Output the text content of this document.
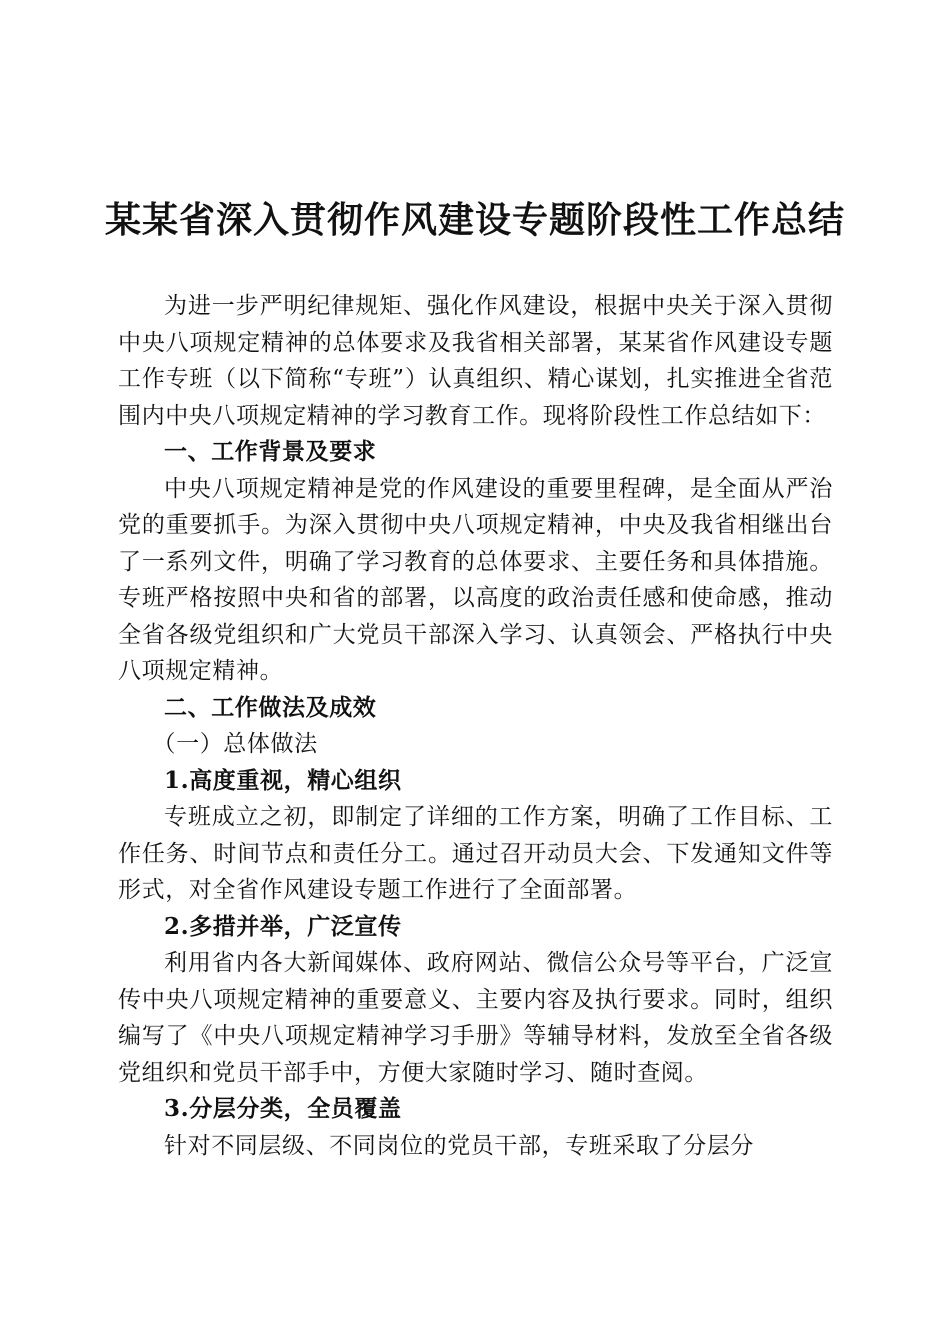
某某省深入贯彻作风建设专题阶段性工作总结

为进一步严明纪律规矩、强化作风建设，根据中央关于深入贯彻中央八项规定精神的总体要求及我省相关部署，某某省作风建设专题工作专班（以下简称“专班”）认真组织、精心谋划，扎实推进全省范围内中央八项规定精神的学习教育工作。现将阶段性工作总结如下：

一、工作背景及要求

中央八项规定精神是党的作风建设的重要里程碑，是全面从严治党的重要抓手。为深入贯彻中央八项规定精神，中央及我省相继出台了一系列文件，明确了学习教育的总体要求、主要任务和具体措施。专班严格按照中央和省的部署，以高度的政治责任感和使命感，推动全省各级党组织和广大党员干部深入学习、认真领会、严格执行中央八项规定精神。

二、工作做法及成效

（一）总体做法

1.高度重视，精心组织

专班成立之初，即制定了详细的工作方案，明确了工作目标、工作任务、时间节点和责任分工。通过召开动员大会、下发通知文件等形式，对全省作风建设专题工作进行了全面部署。

2.多措并举，广泛宣传

利用省内各大新闻媒体、政府网站、微信公众号等平台，广泛宣传中央八项规定精神的重要意义、主要内容及执行要求。同时，组织编写了《中央八项规定精神学习手册》等辅导材料，发放至全省各级党组织和党员干部手中，方便大家随时学习、随时查阅。

3.分层分类，全员覆盖

针对不同层级、不同岗位的党员干部，专班采取了分层分
